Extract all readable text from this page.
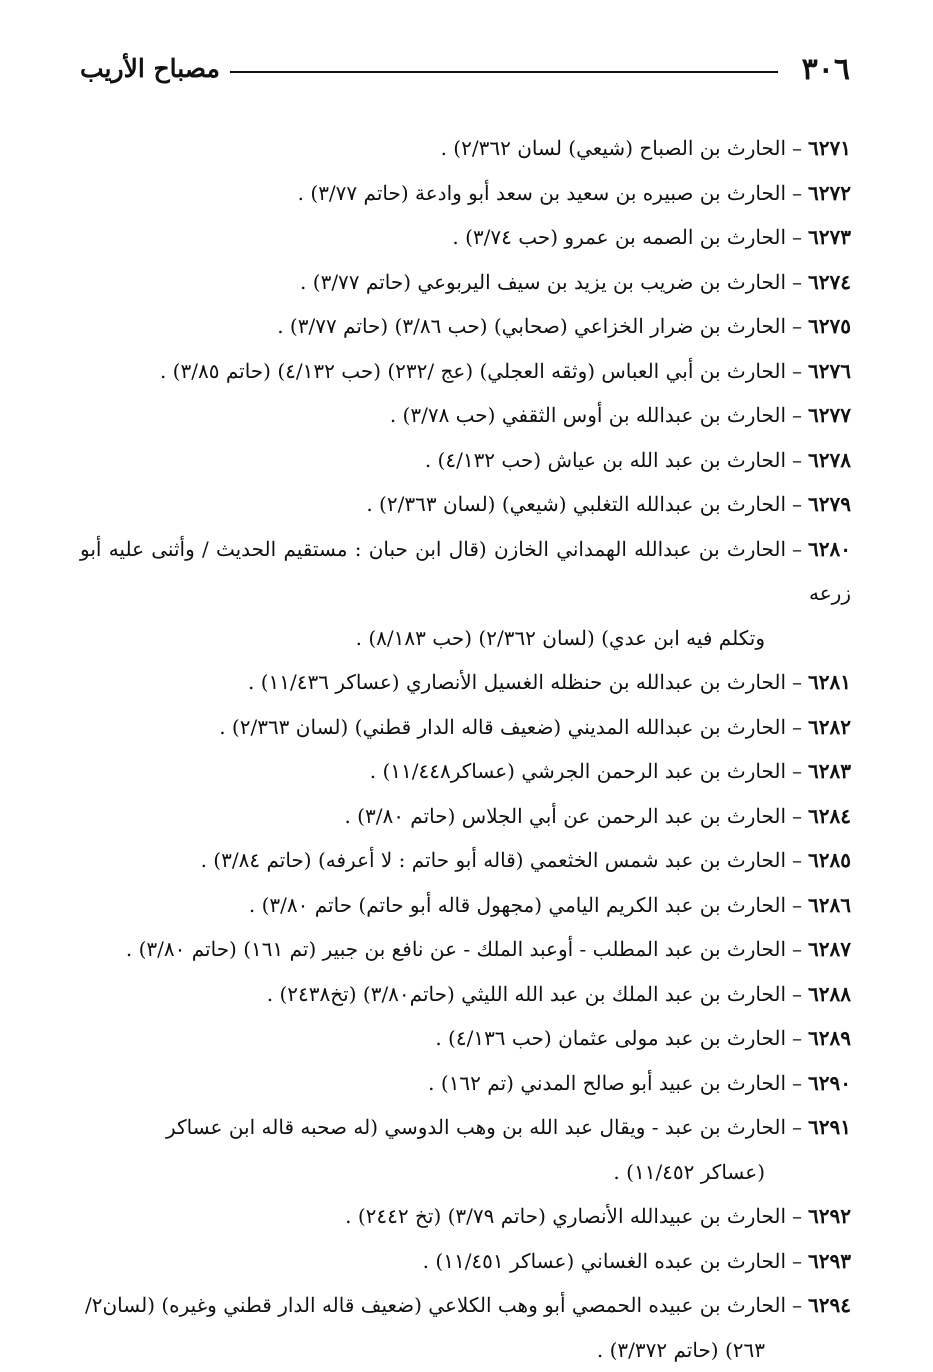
٣٠٦
مصباح الأريب
٦٢٧١–الحارث بن الصباح (شيعي) لسان ٢/٣٦٢) .
٦٢٧٢–الحارث بن صبيره بن سعيد بن سعد أبو وادعة (حاتم ٣/٧٧) .
٦٢٧٣–الحارث بن الصمه بن عمرو (حب ٣/٧٤) .
٦٢٧٤–الحارث بن ضريب بن يزيد بن سيف اليربوعي (حاتم ٣/٧٧) .
٦٢٧٥–الحارث بن ضرار الخزاعي (صحابي) (حب ٣/٨٦) (حاتم ٣/٧٧) .
٦٢٧٦–الحارث بن أبي العباس (وثقه العجلي) (عج /٢٣٢) (حب ٤/١٣٢) (حاتم ٣/٨٥) .
٦٢٧٧–الحارث بن عبدالله بن أوس الثقفي (حب ٣/٧٨) .
٦٢٧٨–الحارث بن عبد الله بن عياش (حب ٤/١٣٢) .
٦٢٧٩–الحارث بن عبدالله التغلبي (شيعي) (لسان ٢/٣٦٣) .
٦٢٨٠–الحارث بن عبدالله الهمداني الخازن (قال ابن حبان : مستقيم الحديث / وأثنى عليه أبو زرعه
وتكلم فيه ابن عدي) (لسان ٢/٣٦٢) (حب ٨/١٨٣) .
٦٢٨١–الحارث بن عبدالله بن حنظله الغسيل الأنصاري (عساكر ١١/٤٣٦) .
٦٢٨٢–الحارث بن عبدالله المديني (ضعيف قاله الدار قطني) (لسان ٢/٣٦٣) .
٦٢٨٣–الحارث بن عبد الرحمن الجرشي (عساكر١١/٤٤٨) .
٦٢٨٤–الحارث بن عبد الرحمن عن أبي الجلاس (حاتم ٣/٨٠) .
٦٢٨٥–الحارث بن عبد شمس الخثعمي (قاله أبو حاتم : لا أعرفه) (حاتم ٣/٨٤) .
٦٢٨٦–الحارث بن عبد الكريم اليامي (مجهول قاله أبو حاتم) حاتم ٣/٨٠) .
٦٢٨٧–الحارث بن عبد المطلب - أوعبد الملك - عن نافع بن جبير (تم ١٦١) (حاتم ٣/٨٠) .
٦٢٨٨–الحارث بن عبد الملك بن عبد الله الليثي (حاتم٣/٨٠) (تخ٢٤٣٨) .
٦٢٨٩–الحارث بن عبد مولى عثمان (حب ٤/١٣٦) .
٦٢٩٠–الحارث بن عبيد أبو صالح المدني (تم ١٦٢) .
٦٢٩١–الحارث بن عبد - ويقال عبد الله بن وهب الدوسي (له صحبه قاله ابن عساكر
(عساكر ١١/٤٥٢) .
٦٢٩٢–الحارث بن عبيدالله الأنصاري (حاتم ٣/٧٩) (تخ ٢٤٤٢) .
٦٢٩٣–الحارث بن عبده الغساني (عساكر ١١/٤٥١) .
٦٢٩٤–الحارث بن عبيده الحمصي أبو وهب الكلاعي (ضعيف قاله الدار قطني وغيره) (لسان٢/
٢٦٣) (حاتم ٣/٣٧٢) .
